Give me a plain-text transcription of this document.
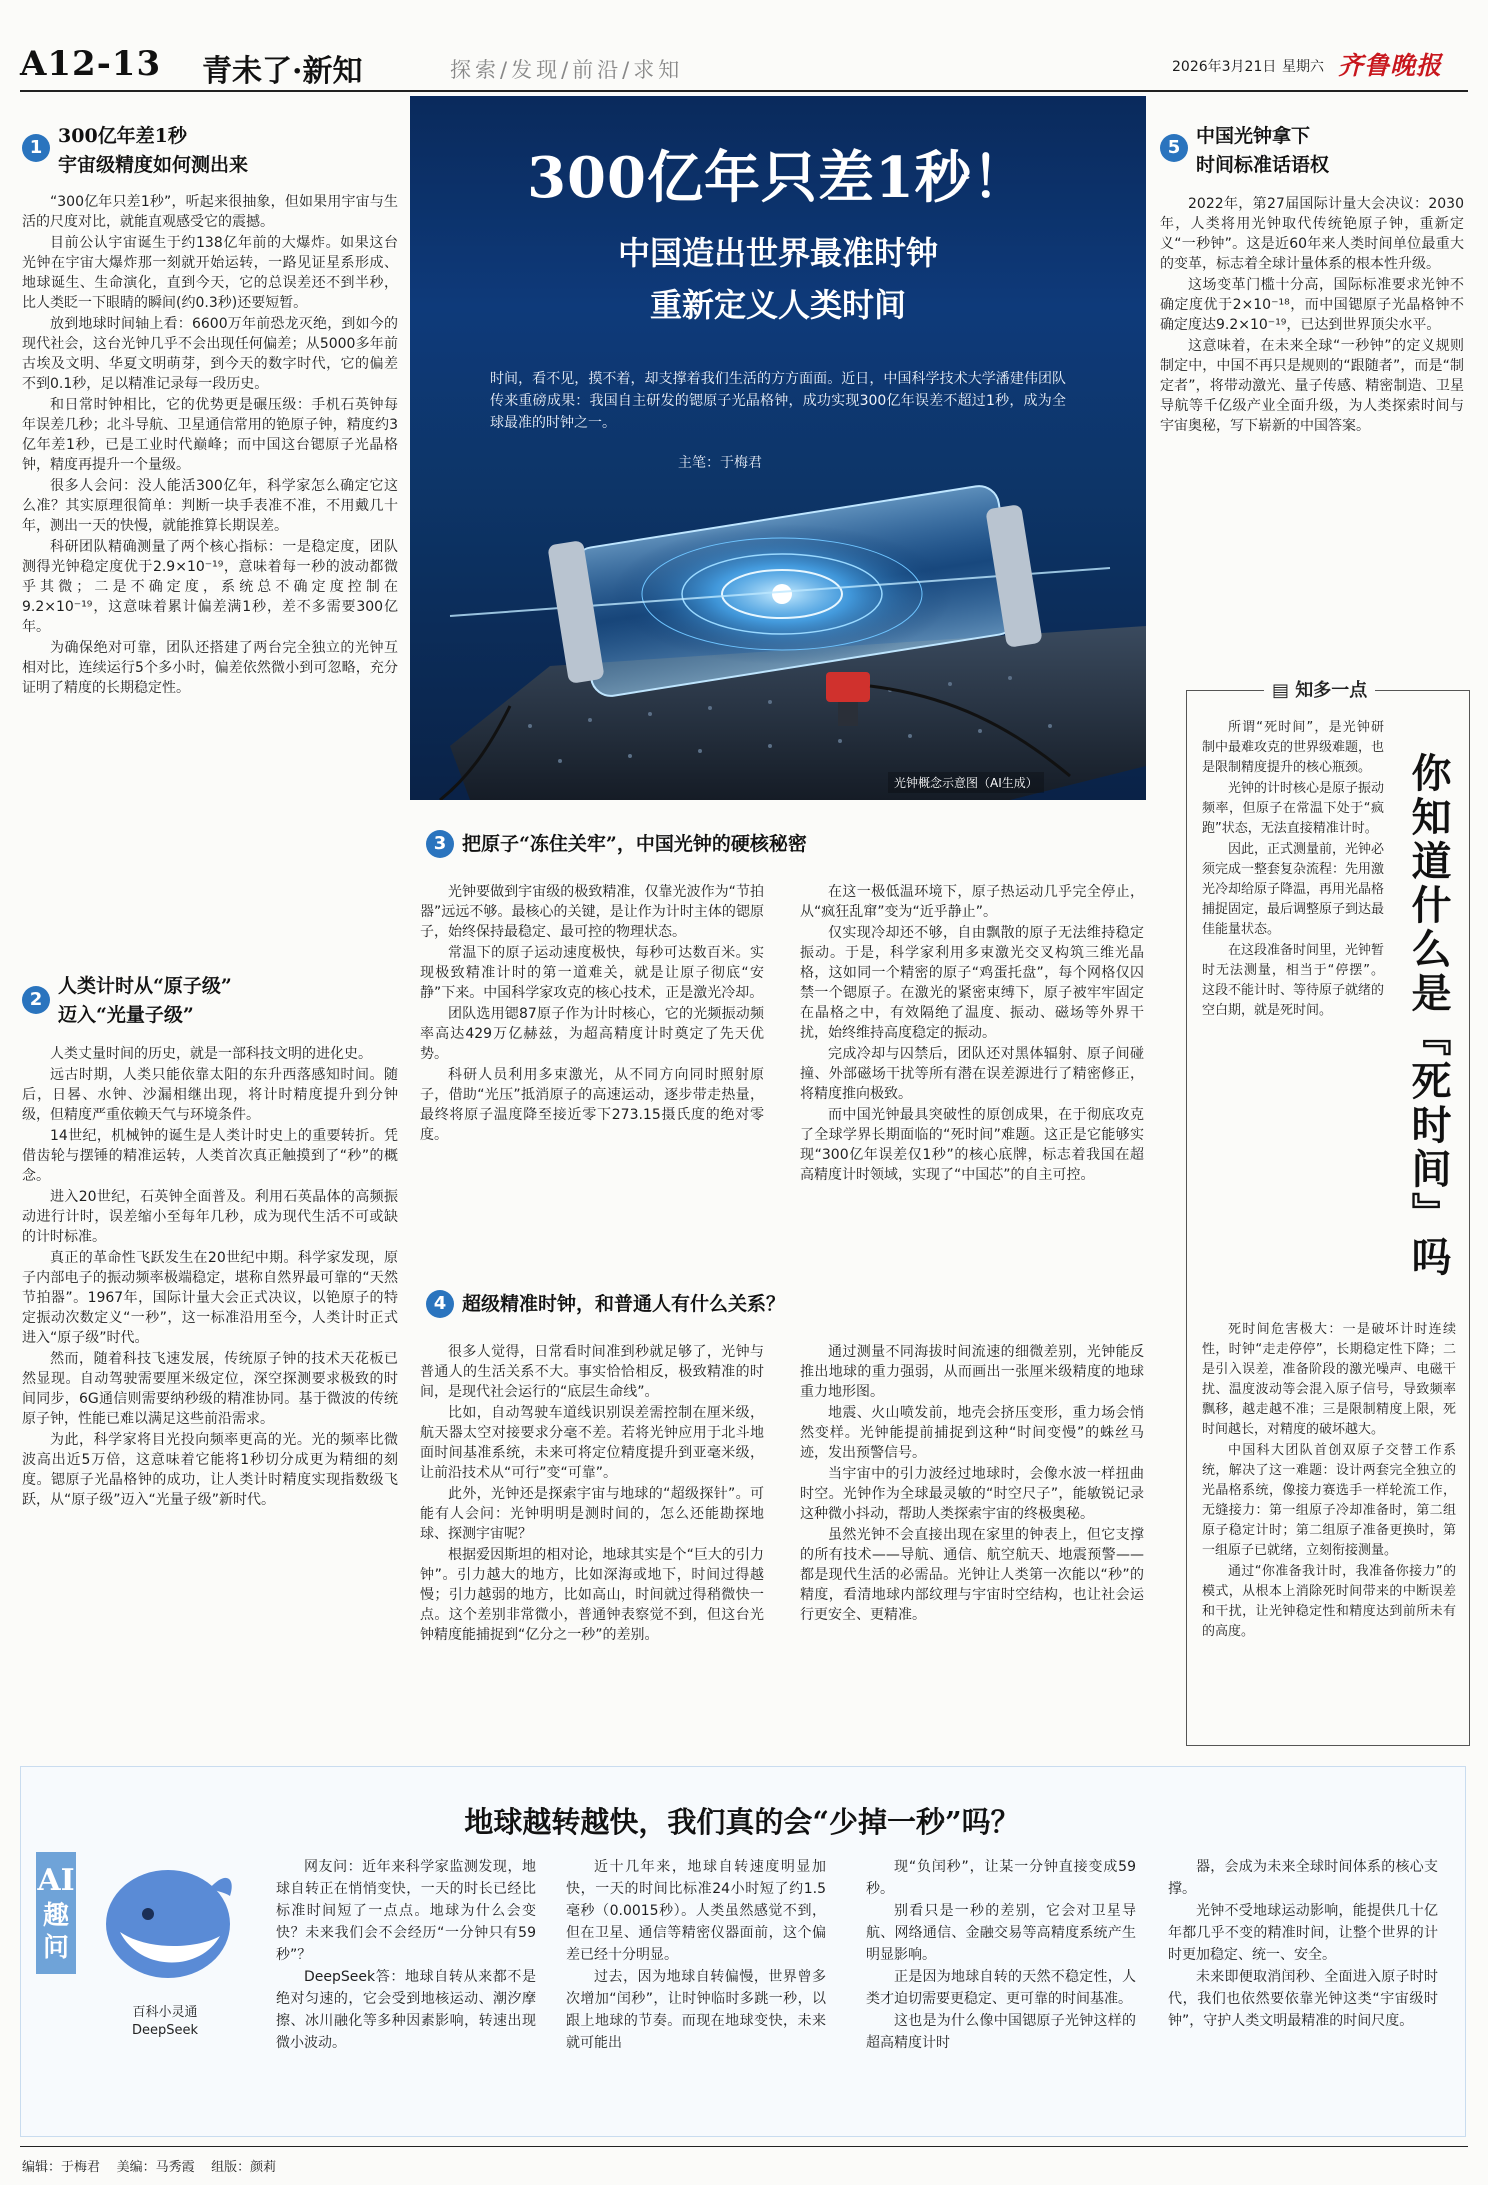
A12-13 青未了·新知	探索/发现/前沿/求知	2026年3月21日 星期六 齐鲁晚报
1
300亿年差1秒
宇宙级精度如何测出来

“300亿年只差1秒”，听起来很抽象，但如果用宇宙与生活的尺度对比，就能直观感受它的震撼。

目前公认宇宙诞生于约138亿年前的大爆炸。如果这台光钟在宇宙大爆炸那一刻就开始运转，一路见证星系形成、地球诞生、生命演化，直到今天，它的总误差还不到半秒，比人类眨一下眼睛的瞬间(约0.3秒)还要短暂。

放到地球时间轴上看：6600万年前恐龙灭绝，到如今的现代社会，这台光钟几乎不会出现任何偏差；从5000多年前古埃及文明、华夏文明萌芽，到今天的数字时代，它的偏差不到0.1秒，足以精准记录每一段历史。

和日常时钟相比，它的优势更是碾压级：手机石英钟每年误差几秒；北斗导航、卫星通信常用的铯原子钟，精度约3亿年差1秒，已是工业时代巅峰；而中国这台锶原子光晶格钟，精度再提升一个量级。

很多人会问：没人能活300亿年，科学家怎么确定它这么准？其实原理很简单：判断一块手表准不准，不用戴几十年，测出一天的快慢，就能推算长期误差。

科研团队精确测量了两个核心指标：一是稳定度，团队测得光钟稳定度优于2.9×10⁻¹⁹，意味着每一秒的波动都微乎其微；二是不确定度，系统总不确定度控制在9.2×10⁻¹⁹，这意味着累计偏差满1秒，差不多需要300亿年。

为确保绝对可靠，团队还搭建了两台完全独立的光钟互相对比，连续运行5个多小时，偏差依然微小到可忽略，充分证明了精度的长期稳定性。

2
人类计时从“原子级”
迈入“光量子级”

人类丈量时间的历史，就是一部科技文明的进化史。

远古时期，人类只能依靠太阳的东升西落感知时间。随后，日晷、水钟、沙漏相继出现，将计时精度提升到分钟级，但精度严重依赖天气与环境条件。

14世纪，机械钟的诞生是人类计时史上的重要转折。凭借齿轮与摆锤的精准运转，人类首次真正触摸到了“秒”的概念。

进入20世纪，石英钟全面普及。利用石英晶体的高频振动进行计时，误差缩小至每年几秒，成为现代生活不可或缺的计时标准。

真正的革命性飞跃发生在20世纪中期。科学家发现，原子内部电子的振动频率极端稳定，堪称自然界最可靠的“天然节拍器”。1967年，国际计量大会正式决议，以铯原子的特定振动次数定义“一秒”，这一标准沿用至今，人类计时正式进入“原子级”时代。

然而，随着科技飞速发展，传统原子钟的技术天花板已然显现。自动驾驶需要厘米级定位，深空探测要求极致的时间同步，6G通信则需要纳秒级的精准协同。基于微波的传统原子钟，性能已难以满足这些前沿需求。

为此，科学家将目光投向频率更高的光。光的频率比微波高出近5万倍，这意味着它能将1秒切分成更为精细的刻度。锶原子光晶格钟的成功，让人类计时精度实现指数级飞跃，从“原子级”迈入“光量子级”新时代。

300亿年只差1秒！
中国造出世界最准时钟
重新定义人类时间
时间，看不见，摸不着，却支撑着我们生活的方方面面。近日，中国科学技术大学潘建伟团队传来重磅成果：我国自主研发的锶原子光晶格钟，成功实现300亿年误差不超过1秒，成为全球最准的时钟之一。
主笔：于梅君
光钟概念示意图（AI生成）
5
中国光钟拿下
时间标准话语权

2022年，第27届国际计量大会决议：2030年，人类将用光钟取代传统铯原子钟，重新定义“一秒钟”。这是近60年来人类时间单位最重大的变革，标志着全球计量体系的根本性升级。

这场变革门槛十分高，国际标准要求光钟不确定度优于2×10⁻¹⁸，而中国锶原子光晶格钟不确定度达9.2×10⁻¹⁹，已达到世界顶尖水平。

这意味着，在未来全球“一秒钟”的定义规则制定中，中国不再只是规则的“跟随者”，而是“制定者”，将带动激光、量子传感、精密制造、卫星导航等千亿级产业全面升级，为人类探索时间与宇宙奥秘，写下崭新的中国答案。

▤ 知多一点
你知道什么是『死时间』吗

所谓“死时间”，是光钟研制中最难攻克的世界级难题，也是限制精度提升的核心瓶颈。

光钟的计时核心是原子振动频率，但原子在常温下处于“疯跑”状态，无法直接精准计时。

因此，正式测量前，光钟必须完成一整套复杂流程：先用激光冷却给原子降温，再用光晶格捕捉固定，最后调整原子到达最佳能量状态。

在这段准备时间里，光钟暂时无法测量，相当于“停摆”。这段不能计时、等待原子就绪的空白期，就是死时间。

死时间危害极大：一是破坏计时连续性，时钟“走走停停”，长期稳定性下降；二是引入误差，准备阶段的激光噪声、电磁干扰、温度波动等会混入原子信号，导致频率飘移，越走越不准；三是限制精度上限，死时间越长，对精度的破坏越大。

中国科大团队首创双原子交替工作系统，解决了这一难题：设计两套完全独立的光晶格系统，像接力赛选手一样轮流工作，无缝接力：第一组原子冷却准备时，第二组原子稳定计时；第二组原子准备更换时，第一组原子已就绪，立刻衔接测量。

通过“你准备我计时，我准备你接力”的模式，从根本上消除死时间带来的中断误差和干扰，让光钟稳定性和精度达到前所未有的高度。

3 把原子“冻住关牢”，中国光钟的硬核秘密

光钟要做到宇宙级的极致精准，仅靠光波作为“节拍器”远远不够。最核心的关键，是让作为计时主体的锶原子，始终保持最稳定、最可控的物理状态。

常温下的原子运动速度极快，每秒可达数百米。实现极致精准计时的第一道难关，就是让原子彻底“安静”下来。中国科学家攻克的核心技术，正是激光冷却。

团队选用锶87原子作为计时核心，它的光频振动频率高达429万亿赫兹，为超高精度计时奠定了先天优势。

科研人员利用多束激光，从不同方向同时照射原子，借助“光压”抵消原子的高速运动，逐步带走热量，最终将原子温度降至接近零下273.15摄氏度的绝对零度。

在这一极低温环境下，原子热运动几乎完全停止，从“疯狂乱窜”变为“近乎静止”。

仅实现冷却还不够，自由飘散的原子无法维持稳定振动。于是，科学家利用多束激光交叉构筑三维光晶格，这如同一个精密的原子“鸡蛋托盘”，每个网格仅囚禁一个锶原子。在激光的紧密束缚下，原子被牢牢固定在晶格之中，有效隔绝了温度、振动、磁场等外界干扰，始终维持高度稳定的振动。

完成冷却与囚禁后，团队还对黑体辐射、原子间碰撞、外部磁场干扰等所有潜在误差源进行了精密修正，将精度推向极致。

而中国光钟最具突破性的原创成果，在于彻底攻克了全球学界长期面临的“死时间”难题。这正是它能够实现“300亿年误差仅1秒”的核心底牌，标志着我国在超高精度计时领域，实现了“中国芯”的自主可控。

4 超级精准时钟，和普通人有什么关系？

很多人觉得，日常看时间准到秒就足够了，光钟与普通人的生活关系不大。事实恰恰相反，极致精准的时间，是现代社会运行的“底层生命线”。

比如，自动驾驶车道线识别误差需控制在厘米级，航天器太空对接要求分毫不差。若将光钟应用于北斗地面时间基准系统，未来可将定位精度提升到亚毫米级，让前沿技术从“可行”变“可靠”。

此外，光钟还是探索宇宙与地球的“超级探针”。可能有人会问：光钟明明是测时间的，怎么还能勘探地球、探测宇宙呢？

根据爱因斯坦的相对论，地球其实是个“巨大的引力钟”。引力越大的地方，比如深海或地下，时间过得越慢；引力越弱的地方，比如高山，时间就过得稍微快一点。这个差别非常微小，普通钟表察觉不到，但这台光钟精度能捕捉到“亿分之一秒”的差别。

通过测量不同海拔时间流速的细微差别，光钟能反推出地球的重力强弱，从而画出一张厘米级精度的地球重力地形图。

地震、火山喷发前，地壳会挤压变形，重力场会悄然变样。光钟能提前捕捉到这种“时间变慢”的蛛丝马迹，发出预警信号。

当宇宙中的引力波经过地球时，会像水波一样扭曲时空。光钟作为全球最灵敏的“时空尺子”，能敏锐记录这种微小抖动，帮助人类探索宇宙的终极奥秘。

虽然光钟不会直接出现在家里的钟表上，但它支撑的所有技术——导航、通信、航空航天、地震预警——都是现代生活的必需品。光钟让人类第一次能以“秒”的精度，看清地球内部纹理与宇宙时空结构，也让社会运行更安全、更精准。

地球越转越快，我们真的会“少掉一秒”吗？
AI
趣问
百科小灵通
DeepSeek

网友问：近年来科学家监测发现，地球自转正在悄悄变快，一天的时长已经比标准时间短了一点点。地球为什么会变快？未来我们会不会经历“一分钟只有59秒”？

DeepSeek答：地球自转从来都不是绝对匀速的，它会受到地核运动、潮汐摩擦、冰川融化等多种因素影响，转速出现微小波动。

近十几年来，地球自转速度明显加快，一天的时间比标准24小时短了约1.5毫秒（0.0015秒）。人类虽然感觉不到，但在卫星、通信等精密仪器面前，这个偏差已经十分明显。

过去，因为地球自转偏慢，世界曾多次增加“闰秒”，让时钟临时多跳一秒，以跟上地球的节奏。而现在地球变快，未来就可能出

现“负闰秒”，让某一分钟直接变成59秒。

别看只是一秒的差别，它会对卫星导航、网络通信、金融交易等高精度系统产生明显影响。

正是因为地球自转的天然不稳定性，人类才迫切需要更稳定、更可靠的时间基准。

这也是为什么像中国锶原子光钟这样的超高精度计时

器，会成为未来全球时间体系的核心支撑。

光钟不受地球运动影响，能提供几十亿年都几乎不变的精准时间，让整个世界的计时更加稳定、统一、安全。

未来即便取消闰秒、全面进入原子时时代，我们也依然要依靠光钟这类“宇宙级时钟”，守护人类文明最精准的时间尺度。

编辑：于梅君 美编：马秀霞 组版：颜莉
